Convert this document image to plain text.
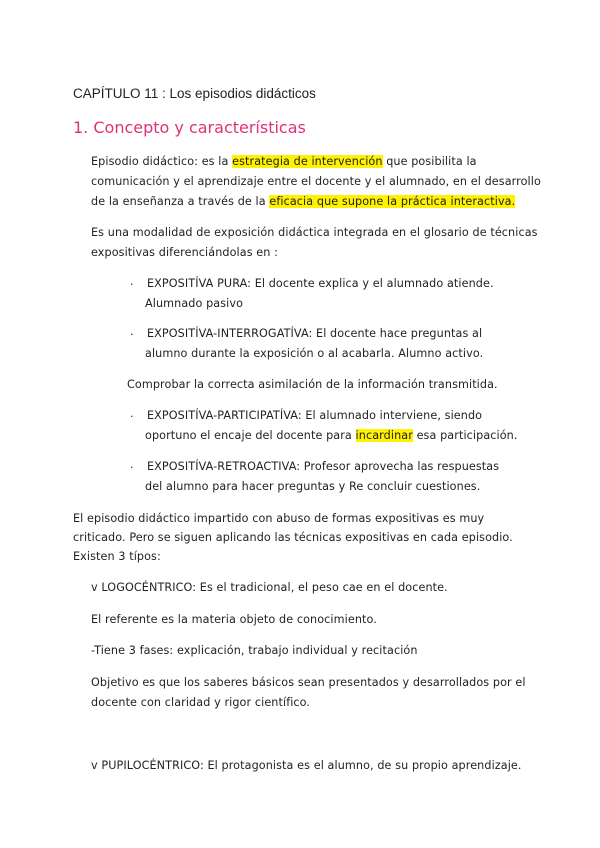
CAPÍTULO 11 : Los episodios didácticos
1. Concepto y características
Episodio didáctico: es la estrategia de intervención que posibilita la
comunicación y el aprendizaje entre el docente y el alumnado, en el desarrollo
de la enseñanza a través de la eficacia que supone la práctica interactiva.
Es una modalidad de exposición didáctica integrada en el glosario de técnicas
expositivas diferenciándolas en :
· EXPOSITÍVA PURA: El docente explica y el alumnado atiende.
Alumnado pasivo
· EXPOSITÍVA-INTERROGATÍVA: El docente hace preguntas al
alumno durante la exposición o al acabarla. Alumno activo.
Comprobar la correcta asimilación de la información transmitida.
· EXPOSITÍVA-PARTICIPATÍVA: El alumnado interviene, siendo
oportuno el encaje del docente para incardinar esa participación.
· EXPOSITÍVA-RETROACTIVA: Profesor aprovecha las respuestas
del alumno para hacer preguntas y Re concluir cuestiones.
El episodio didáctico impartido con abuso de formas expositivas es muy
criticado. Pero se siguen aplicando las técnicas expositivas en cada episodio.
Existen 3 típos:
v LOGOCÉNTRICO: Es el tradicional, el peso cae en el docente.
El referente es la materia objeto de conocimiento.
-Tiene 3 fases: explicación, trabajo individual y recitación
Objetivo es que los saberes básicos sean presentados y desarrollados por el
docente con claridad y rigor científico.
v PUPILOCÉNTRICO: El protagonista es el alumno, de su propio aprendizaje.
